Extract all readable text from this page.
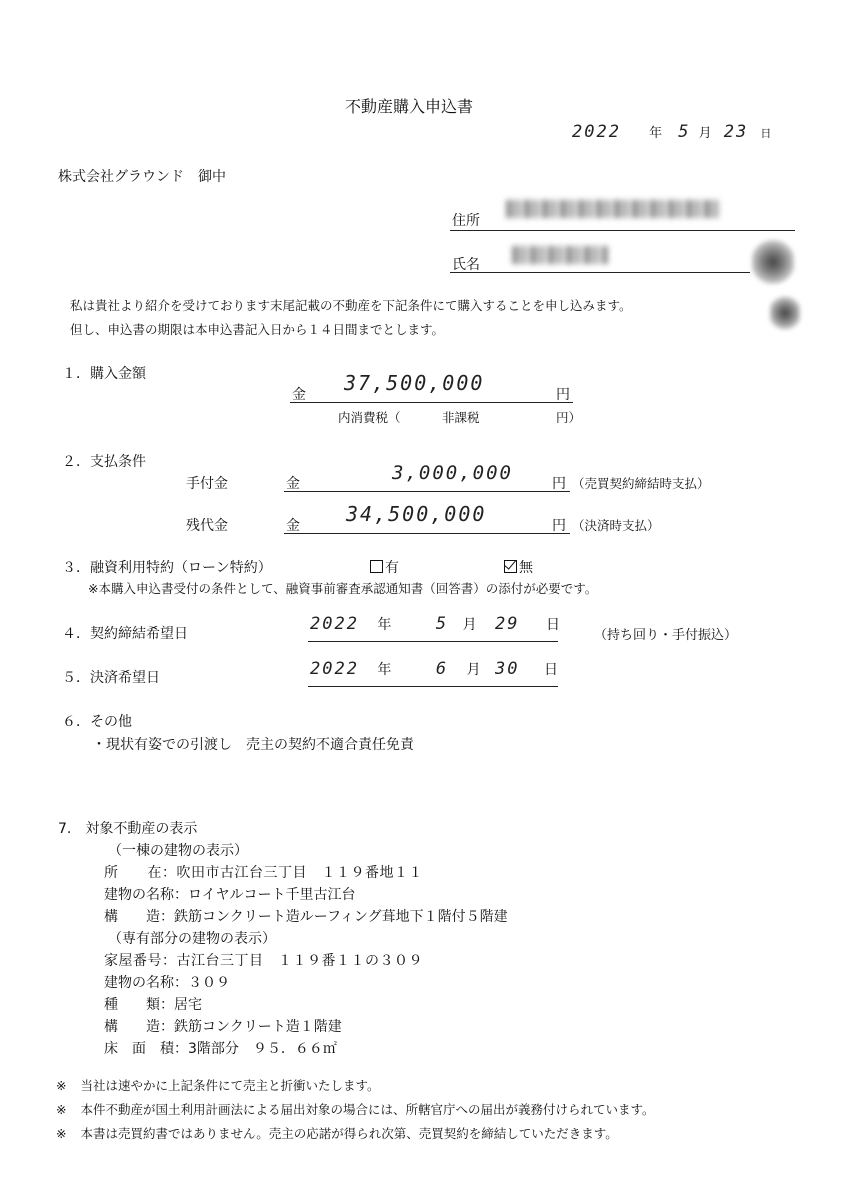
不動産購入申込書
2022 年 5 月 23 日
株式会社グラウンド　御中
住所
氏名
私は貴社より紹介を受けております末尾記載の不動産を下記条件にて購入することを申し込みます。
但し、申込書の期限は本申込書記入日から１４日間までとします。
１．購入金額
金 37,500,000	円
内消費税（	非課税	円）
２．支払条件
手付金	金	3,000,000	円 （売買契約締結時支払）
残代金	金 34,500,000	円 （決済時支払）
３．融資利用特約（ローン特約）	有	無
※本購入申込書受付の条件として、融資事前審査承認通知書（回答書）の添付が必要です。
４．契約締結希望日	2022 年	5 月 29 日
（持ち回り・手付振込）
５．決済希望日	2022 年	6 月 30 日
６．その他
・現状有姿での引渡し　売主の契約不適合責任免責
7.　対象不動産の表示
（一棟の建物の表示）
所　　在：吹田市古江台三丁目　１１９番地１１
建物の名称：ロイヤルコート千里古江台
構　　造：鉄筋コンクリート造ルーフィング葺地下１階付５階建
（専有部分の建物の表示）
家屋番号：古江台三丁目　１１９番１１の３０９
建物の名称：３０９
種　　類：居宅
構　　造：鉄筋コンクリート造１階建
床　面　積：3階部分　９５．６６㎡
※ 当社は速やかに上記条件にて売主と折衝いたします。
※ 本件不動産が国土利用計画法による届出対象の場合には、所轄官庁への届出が義務付けられています。
※ 本書は売買約書ではありません。売主の応諾が得られ次第、売買契約を締結していただきます。
